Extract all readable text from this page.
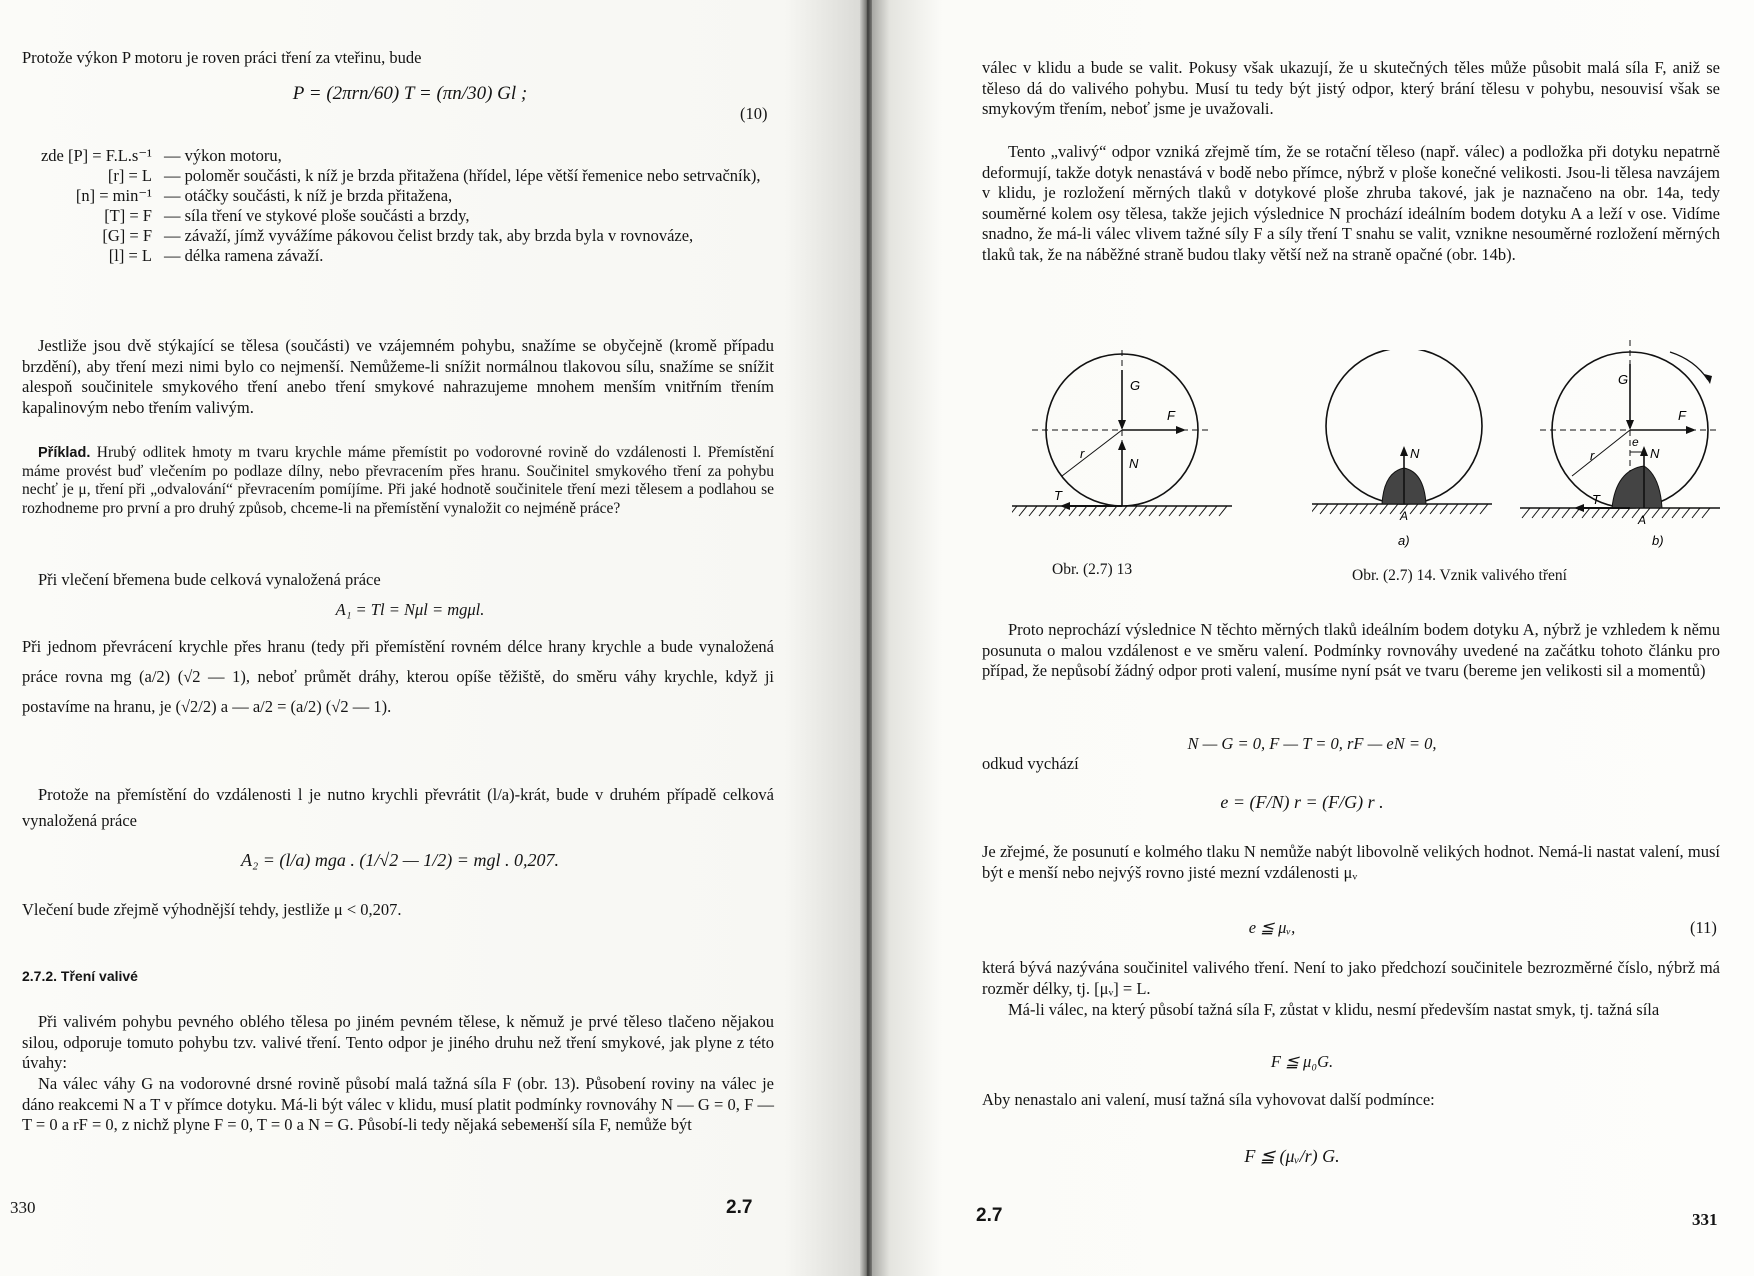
Protože výkon P motoru je roven práci tření za vteřinu, bude
P = (2πrn/60) T = (πn/30) Gl ;
(10)
zde [P] = F.L.s⁻¹	— výkon motoru,
[r] = L	— poloměr součásti, k níž je brzda přitažena (hřídel, lépe větší řemenice nebo setrvačník),
[n] = min⁻¹	— otáčky součásti, k níž je brzda přitažena,
[T] = F	— síla tření ve stykové ploše součásti a brzdy,
[G] = F	— závaží, jímž vyvážíme pákovou čelist brzdy tak, aby brzda byla v rovnováze,
[l] = L	— délka ramena závaží.
Jestliže jsou dvě stýkající se tělesa (součásti) ve vzájemném pohybu, snažíme se obyčejně (kromě případu brzdění), aby tření mezi nimi bylo co nejmenší. Nemůžeme-li snížit normálnou tlakovou sílu, snažíme se snížit alespoň součinitele smykového tření anebo tření smykové nahrazujeme mnohem menším vnitřním třením kapalinovým nebo třením valivým.
Příklad. Hrubý odlitek hmoty m tvaru krychle máme přemístit po vodorovné rovině do vzdálenosti l. Přemístění máme provést buď vlečením po podlaze dílny, nebo převracením přes hranu. Součinitel smykového tření za pohybu nechť je μ, tření při „odvalování“ převracením pomíjíme. Při jaké hodnotě součinitele tření mezi tělesem a podlahou se rozhodneme pro první a pro druhý způsob, chceme-li na přemístění vynaložit co nejméně práce?
Při vlečení břemena bude celková vynaložená práce
A₁ = Tl = Nμl = mgμl.
Při jednom převrácení krychle přes hranu (tedy při přemístění rovném délce hrany krychle a bude vynaložená práce rovna mg (a/2) (√2 — 1), neboť průmět dráhy, kterou opíše těžiště, do směru váhy krychle, když ji postavíme na hranu, je (√2/2) a — a/2 = (a/2) (√2 — 1).
Protože na přemístění do vzdálenosti l je nutno krychli převrátit (l/a)-krát, bude v druhém případě celková vynaložená práce
A₂ = (l/a) mga . (1/√2 — 1/2) = mgl . 0,207.
Vlečení bude zřejmě výhodnější tehdy, jestliže μ < 0,207.
2.7.2. Tření valivé
Při valivém pohybu pevného oblého tělesa po jiném pevném tělese, k němuž je prvé těleso tlačeno nějakou silou, odporuje tomuto pohybu tzv. valivé tření. Tento odpor je jiného druhu než tření smykové, jak plyne z této úvahy:
Na válec váhy G na vodorovné drsné rovině působí malá tažná síla F (obr. 13). Působení roviny na válec je dáno reakcemi N a T v přímce dotyku. Má-li být válec v klidu, musí platit podmínky rovnováhy N — G = 0, F — T = 0 a rF = 0, z nichž plyne F = 0, T = 0 a N = G. Působí-li tedy nějaká sebeменší síla F, nemůže být
330	2.7
válec v klidu a bude se valit. Pokusy však ukazují, že u skutečných těles může působit malá síla F, aniž se těleso dá do valivého pohybu. Musí tu tedy být jistý odpor, který brání tělesu v pohybu, nesouvisí však se smykovým třením, neboť jsme je uvažovali.
Tento „valivý“ odpor vzniká zřejmě tím, že se rotační těleso (např. válec) a podložka při dotyku nepatrně deformují, takže dotyk nenastává v bodě nebo přímce, nýbrž v ploše konečné velikosti. Jsou-li tělesa navzájem v klidu, je rozložení měrných tlaků v dotykové ploše zhruba takové, jak je naznačeno na obr. 14a, tedy souměrné kolem osy tělesa, takže jejich výslednice N prochází ideálním bodem dotyku A a leží v ose. Vidíme snadno, že má-li válec vlivem tažné síly F a síly tření T snahu se valit, vznikne nesouměrné rozložení měrných tlaků tak, že na náběžné straně budou tlaky větší než na straně opačné (obr. 14b).
G
F
N
r
T
N
A
a)
G
F
N
e
r
T
A
b)
Obr. (2.7) 13	Obr. (2.7) 14. Vznik valivého tření
Proto neprochází výslednice N těchto měrných tlaků ideálním bodem dotyku A, nýbrž je vzhledem k němu posunuta o malou vzdálenost e ve směru valení. Podmínky rovnováhy uvedené na začátku tohoto článku pro případ, že nepůsobí žádný odpor proti valení, musíme nyní psát ve tvaru (bereme jen velikosti sil a momentů)
N — G = 0, F — T = 0, rF — eN = 0,
odkud vychází
e = (F/N) r = (F/G) r .
Je zřejmé, že posunutí e kolmého tlaku N nemůže nabýt libovolně velikých hodnot. Nemá-li nastat valení, musí být e menší nebo nejvýš rovno jisté mezní vzdálenosti μᵥ
e ≦ μᵥ,	(11)
která bývá nazývána součinitel valivého tření. Není to jako předchozí součinitele bezrozměrné číslo, nýbrž má rozměr délky, tj. [μᵥ] = L.
Má-li válec, na který působí tažná síla F, zůstat v klidu, nesmí především nastat smyk, tj. tažná síla
F ≦ μ₀G.
Aby nenastalo ani valení, musí tažná síla vyhovovat další podmínce:
F ≦ (μᵥ/r) G.
2.7	331
